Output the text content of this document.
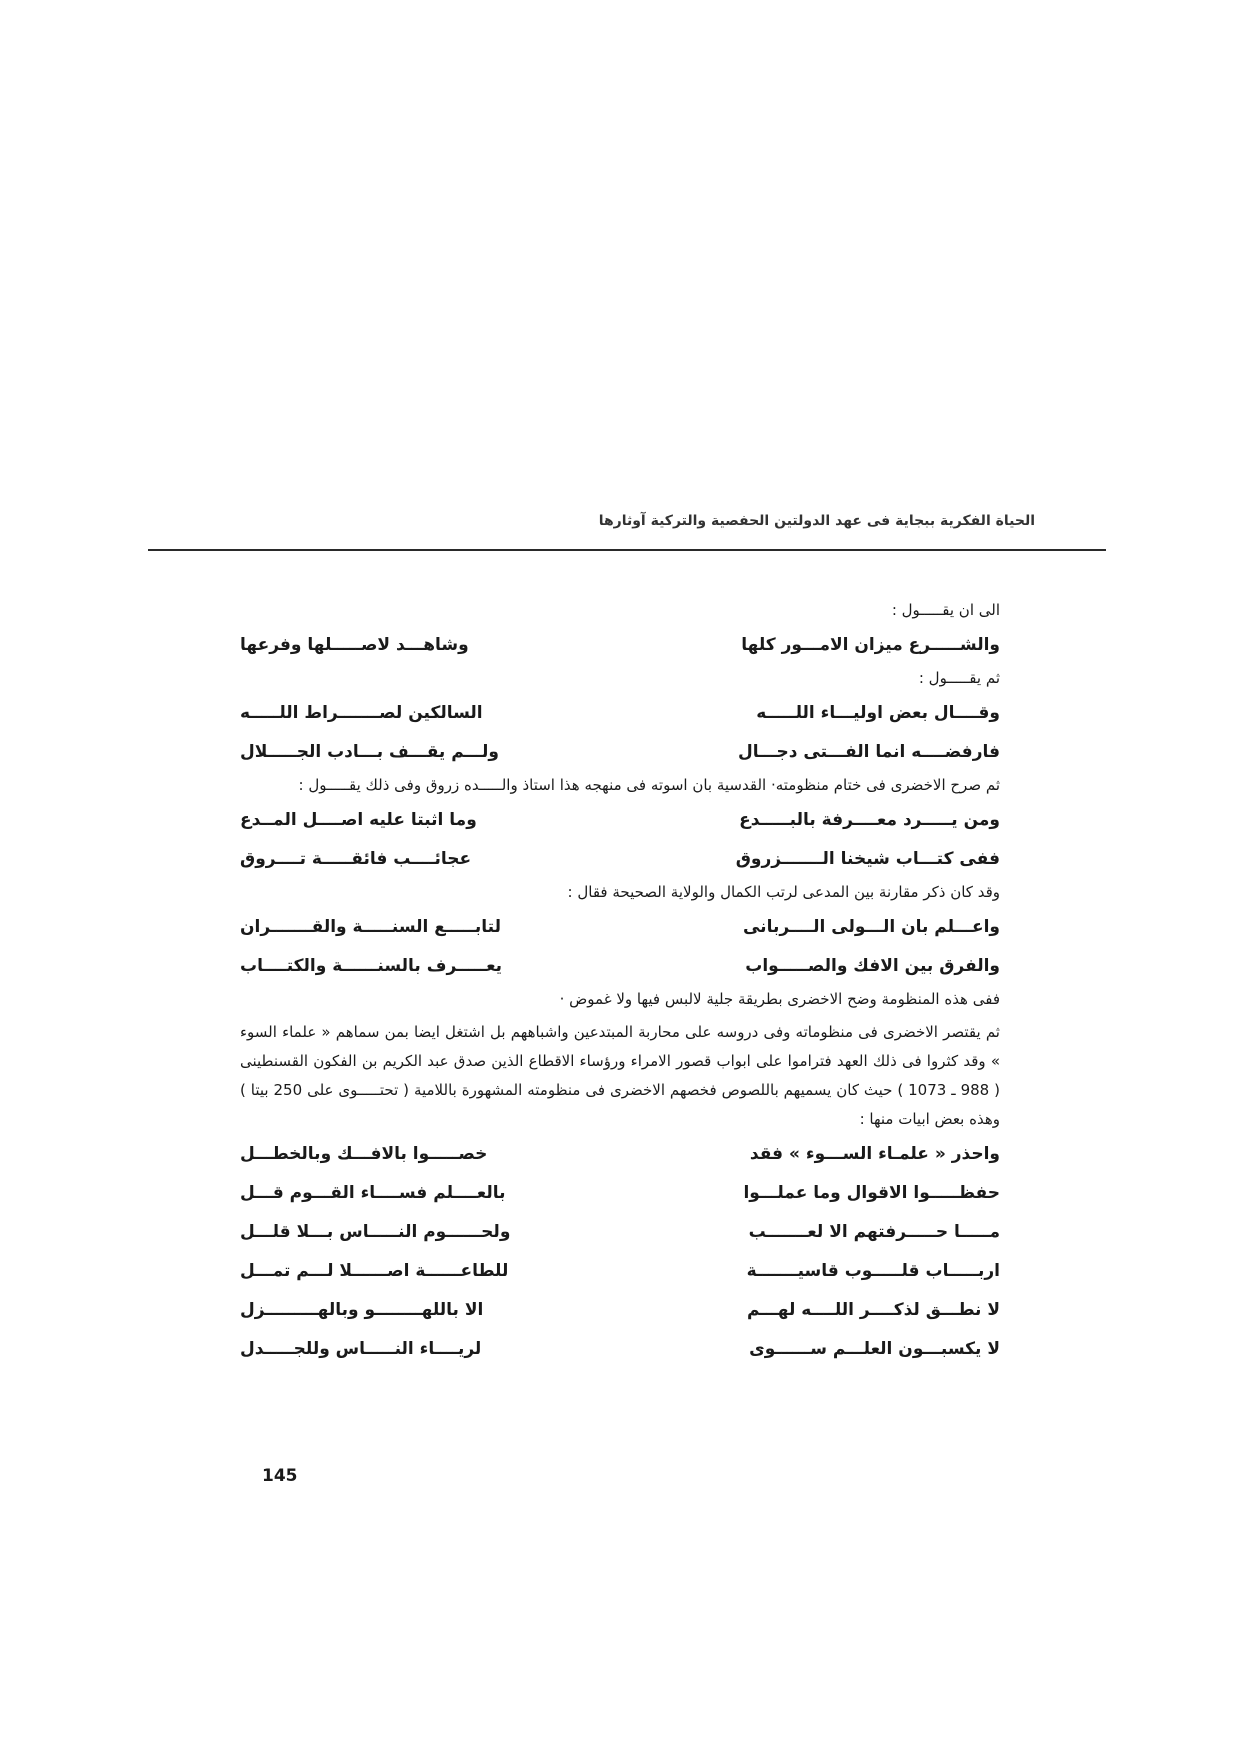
الحياة الفكرية ببجاية فى عهد الدولتين الحفصية والتركية آوثارها

الى ان يقـــــول :

والشـــــرع ميزان الامـــور كلها
وشاهـــد لاصـــــلها وفرعها

ثم يقـــــول :

وقــــال بعض اوليـــاء اللـــــه
السالكين لصـــــــراط اللـــــه
فارفضــــه انما الفـــتى دجـــال
ولـــم يقـــف بـــادب الجـــــلال

ثم صرح الاخضرى فى ختام منظومته· القدسية بان اسوته فى منهجه هذا استاذ والـــــده زروق وفى ذلك يقـــــول :

ومن يـــــرد معــــرفة بالبـــــدع
وما اثبتا عليه اصــــل المــدع
ففى كتـــاب شيخنا الـــــــزروق
عجائــــب فائقـــــة تــــروق

وقد كان ذكر مقارنة بين المدعى لرتب الكمال والولاية الصحيحة فقال :

واعـــلم بان الـــولى الــــربانى
لتابـــــع السنـــــة والقـــــــران
والفرق بين الافك والصـــــواب
يعـــــرف بالسنــــــة والكتــــاب

ففى هذه المنظومة وضح الاخضرى بطريقة جلية لالبس فيها ولا غموض ·

ثم يقتصر الاخضرى فى منظوماته وفى دروسه على محاربة المبتدعين واشباههم بل اشتغل ايضا بمن سماهم « علماء السوء » وقد كثروا فى ذلك العهد فتراموا على ابواب قصور الامراء ورؤساء الاقطاع الذين صدق عبد الكريم بن الفكون القسنطينى ( 988 ـ 1073 ) حيث كان يسميهم باللصوص فخصهم الاخضرى فى منظومته المشهورة باللامية ( تحتـــــوى على 250 بيتا ) وهذه بعض ابيات منها :

واحذر « علمـاء الســـوء » فقد
خصـــــوا بالافـــك وبالخطـــل
حفظـــــوا الاقوال وما عملـــوا
بالعــــلم فســــاء القـــوم قـــل
مـــــا حـــــرفتهم الا لعـــــــب
ولحــــــوم النـــــاس بـــلا قلـــل
اربـــــاب قلـــــوب قاسيـــــــة
للطاعــــــة اصــــــلا لـــم تمـــل
لا نطـــق لذكــــر اللــــه لهـــم
الا باللهــــــــو وبالهـــــــــزل
لا يكسبـــون العلـــم ســــــوى
لريــــاء النـــــاس وللجـــــدل
145
